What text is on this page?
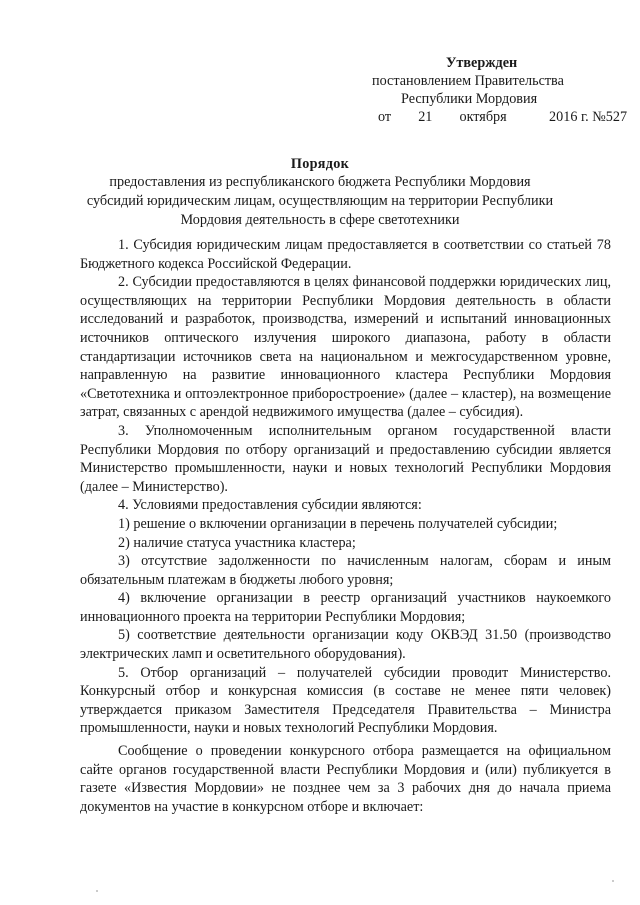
Утвержден
постановлением Правительства
Республики Мордовия
от 21 октября	2016 г. №527
Порядок
предоставления из республиканского бюджета Республики Мордовия субсидий юридическим лицам, осуществляющим на территории Республики Мордовия деятельность в сфере светотехники

1. Субсидия юридическим лицам предоставляется в соответствии со статьей 78 Бюджетного кодекса Российской Федерации.

2. Субсидии предоставляются в целях финансовой поддержки юридических лиц, осуществляющих на территории Республики Мордовия деятельность в области исследований и разработок, производства, измерений и испытаний инновационных источников оптического излучения широкого диапазона, работу в области стандартизации источников света на национальном и межгосударственном уровне, направленную на развитие инновационного кластера Республики Мордовия «Светотехника и оптоэлектронное приборостроение» (далее – кластер), на возмещение затрат, связанных с арендой недвижимого имущества (далее – субсидия).

3. Уполномоченным исполнительным органом государственной власти Республики Мордовия по отбору организаций и предоставлению субсидии является Министерство промышленности, науки и новых технологий Республики Мордовия (далее – Министерство).

4. Условиями предоставления субсидии являются:

1) решение о включении организации в перечень получателей субсидии;

2) наличие статуса участника кластера;

3) отсутствие задолженности по начисленным налогам, сборам и иным обязательным платежам в бюджеты любого уровня;

4) включение организации в реестр организаций участников наукоемкого инновационного проекта на территории Республики Мордовия;

5) соответствие деятельности организации коду ОКВЭД 31.50 (производство электрических ламп и осветительного оборудования).

5. Отбор организаций – получателей субсидии проводит Министерство. Конкурсный отбор и конкурсная комиссия (в составе не менее пяти человек) утверждается приказом Заместителя Председателя Правительства – Министра промышленности, науки и новых технологий Республики Мордовия.

Сообщение о проведении конкурсного отбора размещается на официальном сайте органов государственной власти Республики Мордовия и (или) публикуется в газете «Известия Мордовии» не позднее чем за 3 рабочих дня до начала приема документов на участие в конкурсном отборе и включает:
